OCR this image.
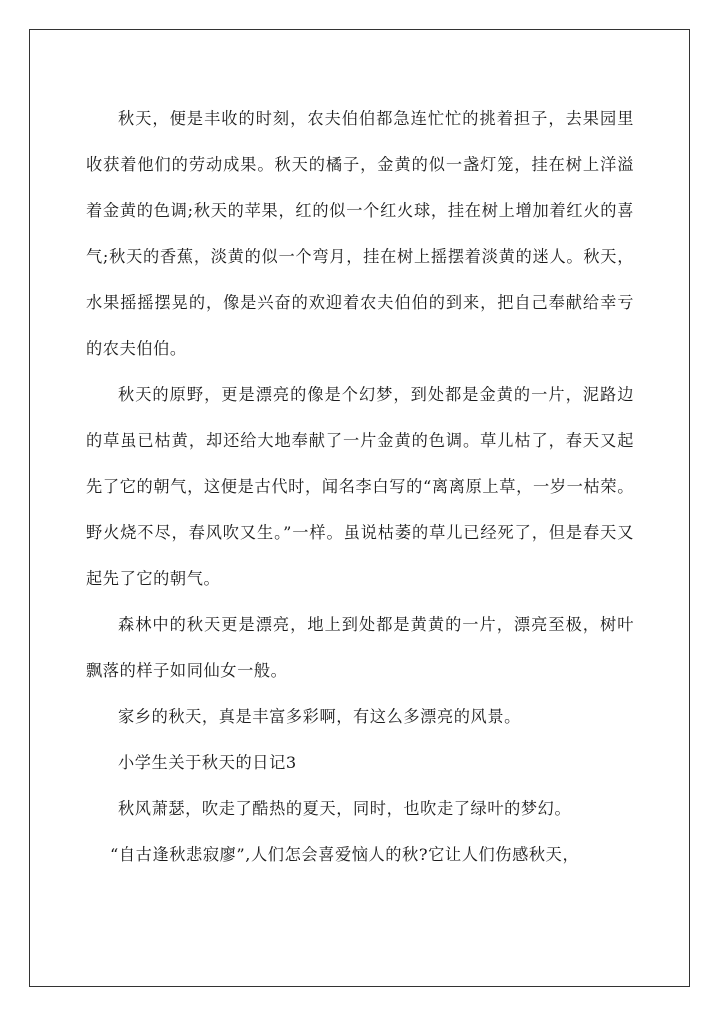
秋天，便是丰收的时刻，农夫伯伯都急连忙忙的挑着担子，去果园里收获着他们的劳动成果。秋天的橘子，金黄的似一盏灯笼，挂在树上洋溢着金黄的色调;秋天的苹果，红的似一个红火球，挂在树上增加着红火的喜气;秋天的香蕉，淡黄的似一个弯月，挂在树上摇摆着淡黄的迷人。秋天，水果摇摇摆晃的，像是兴奋的欢迎着农夫伯伯的到来，把自己奉献给幸亏的农夫伯伯。

秋天的原野，更是漂亮的像是个幻梦，到处都是金黄的一片，泥路边的草虽已枯黄，却还给大地奉献了一片金黄的色调。草儿枯了，春天又起先了它的朝气，这便是古代时，闻名李白写的“离离原上草，一岁一枯荣。野火烧不尽，春风吹又生。”一样。虽说枯萎的草儿已经死了，但是春天又起先了它的朝气。

森林中的秋天更是漂亮，地上到处都是黄黄的一片，漂亮至极，树叶飘落的样子如同仙女一般。

家乡的秋天，真是丰富多彩啊，有这么多漂亮的风景。

小学生关于秋天的日记3

秋风萧瑟，吹走了酷热的夏天，同时，也吹走了绿叶的梦幻。

“自古逢秋悲寂廖”,人们怎会喜爱恼人的秋?它让人们伤感秋天，
